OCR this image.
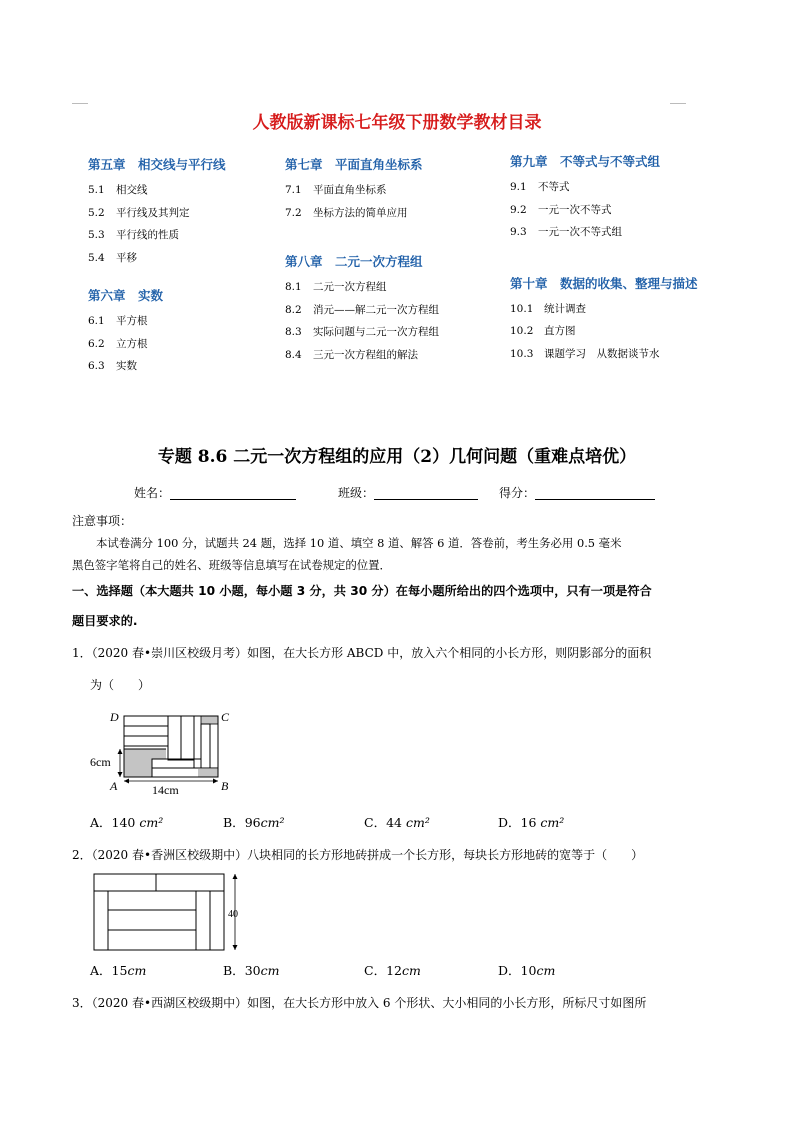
人教版新课标七年级下册数学教材目录
第五章　相交线与平行线
5.1 相交线
5.2 平行线及其判定
5.3 平行线的性质
5.4 平移
第六章　实数
6.1 平方根
6.2 立方根
6.3 实数
第七章　平面直角坐标系
7.1 平面直角坐标系
7.2 坐标方法的简单应用
第八章　二元一次方程组
8.1 二元一次方程组
8.2 消元——解二元一次方程组
8.3 实际问题与二元一次方程组
8.4 三元一次方程组的解法
第九章　不等式与不等式组
9.1 不等式
9.2 一元一次不等式
9.3 一元一次不等式组
第十章　数据的收集、整理与描述
10.1 统计调查
10.2 直方图
10.3 课题学习　从数据谈节水
专题 8.6 二元一次方程组的应用（2）几何问题（重难点培优）
姓名：	班级：	得分：
注意事项：
本试卷满分 100 分，试题共 24 题，选择 10 道、填空 8 道、解答 6 道．答卷前，考生务必用 0.5 毫米
黑色签字笔将自己的姓名、班级等信息填写在试卷规定的位置．
一、选择题（本大题共 10 小题，每小题 3 分，共 30 分）在每小题所给出的四个选项中，只有一项是符合
题目要求的.
1．（2020 春•崇川区校级月考）如图，在大长方形 ABCD 中，放入六个相同的小长方形，则阴影部分的面积
为（　　）
D	C
A	B
6cm
14cm
A．140 cm²	B．96cm²	C．44 cm²	D．16 cm²
2．（2020 春•香洲区校级期中）八块相同的长方形地砖拼成一个长方形，每块长方形地砖的宽等于（　　）
40
A．15cm	B．30cm	C．12cm	D．10cm
3．（2020 春•西湖区校级期中）如图，在大长方形中放入 6 个形状、大小相同的小长方形，所标尺寸如图所
